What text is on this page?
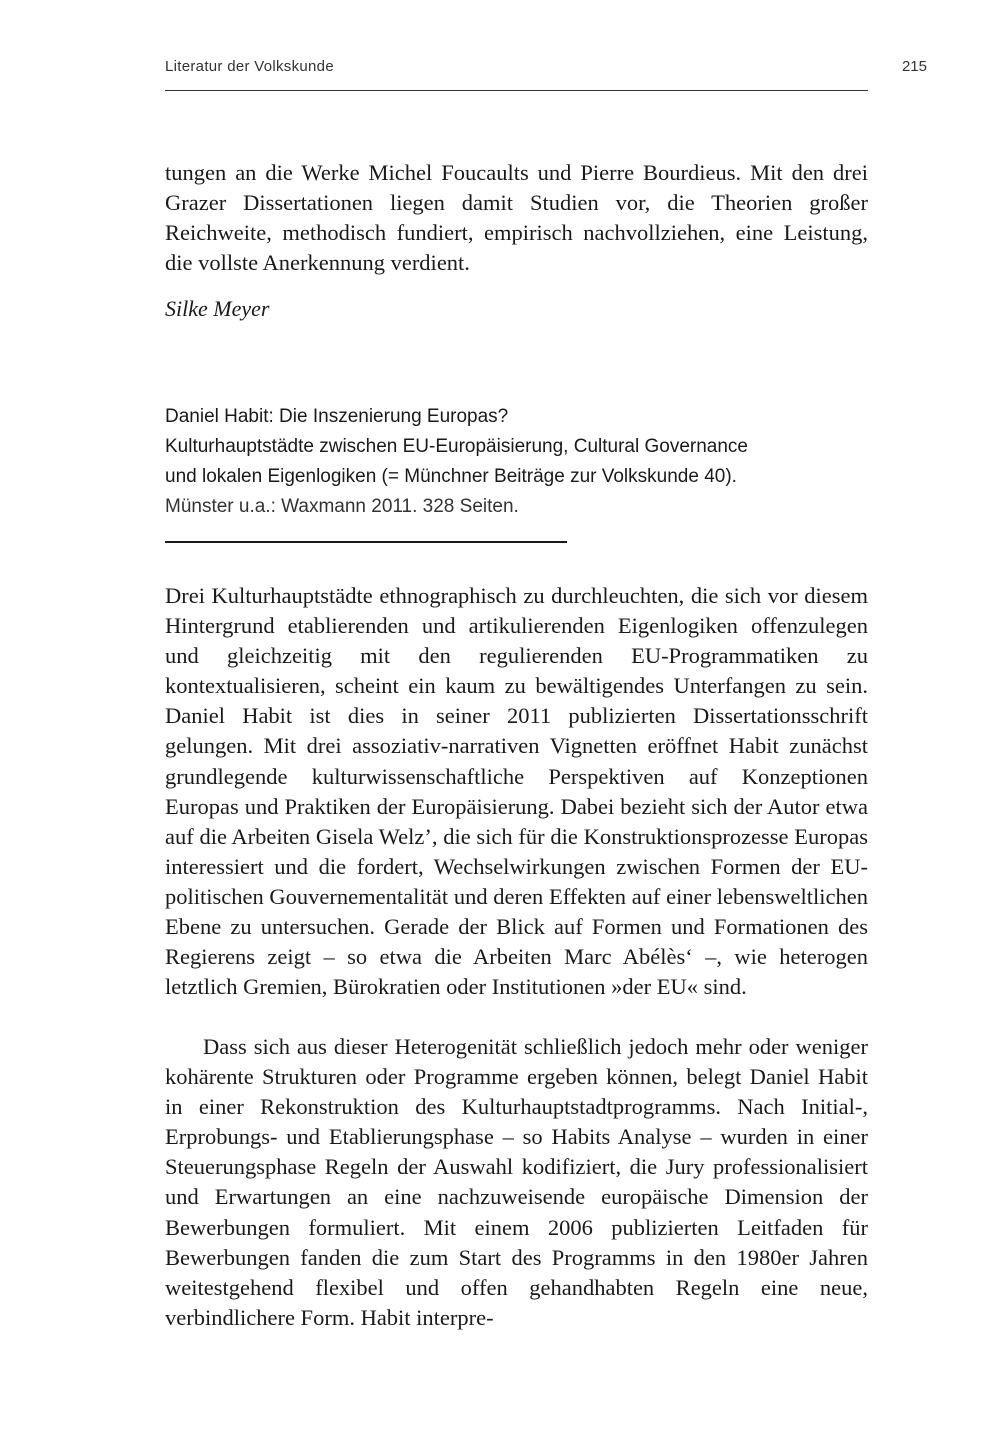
Literatur der Volkskunde	215

tungen an die Werke Michel Foucaults und Pierre Bourdieus. Mit den drei Grazer Dissertationen liegen damit Studien vor, die Theorien großer Reichweite, methodisch fundiert, empirisch nachvollziehen, eine Leistung, die vollste Anerkennung verdient.

Silke Meyer

Daniel Habit: Die Inszenierung Europas?
Kulturhauptstädte zwischen EU-Europäisierung, Cultural Governance
und lokalen Eigenlogiken (= Münchner Beiträge zur Volkskunde 40).
Münster u.a.: Waxmann 2011. 328 Seiten.

Drei Kulturhauptstädte ethnographisch zu durchleuchten, die sich vor diesem Hintergrund etablierenden und artikulierenden Eigenlogiken offenzulegen und gleichzeitig mit den regulierenden EU-Programmatiken zu kontextualisieren, scheint ein kaum zu bewältigendes Unterfangen zu sein. Daniel Habit ist dies in seiner 2011 publizierten Dissertationsschrift gelungen. Mit drei assoziativ-narrativen Vignetten eröffnet Habit zunächst grundlegende kulturwissenschaftliche Perspektiven auf Konzeptionen Europas und Praktiken der Europäisierung. Dabei bezieht sich der Autor etwa auf die Arbeiten Gisela Welz’, die sich für die Konstruktionsprozesse Europas interessiert und die fordert, Wechselwirkungen zwischen Formen der EU-politischen Gouvernementalität und deren Effekten auf einer lebensweltlichen Ebene zu untersuchen. Gerade der Blick auf Formen und Formationen des Regierens zeigt – so etwa die Arbeiten Marc Abélès‘ –, wie heterogen letztlich Gremien, Bürokratien oder Institutionen »der EU« sind.

Dass sich aus dieser Heterogenität schließlich jedoch mehr oder weniger kohärente Strukturen oder Programme ergeben können, belegt Daniel Habit in einer Rekonstruktion des Kulturhauptstadtprogramms. Nach Initial-, Erprobungs- und Etablierungsphase – so Habits Analyse – wurden in einer Steuerungsphase Regeln der Auswahl kodifiziert, die Jury professionalisiert und Erwartungen an eine nachzuweisende europäische Dimension der Bewerbungen formuliert. Mit einem 2006 publizierten Leitfaden für Bewerbungen fanden die zum Start des Programms in den 1980er Jahren weitestgehend flexibel und offen gehandhabten Regeln eine neue, verbindlichere Form. Habit interpre-
